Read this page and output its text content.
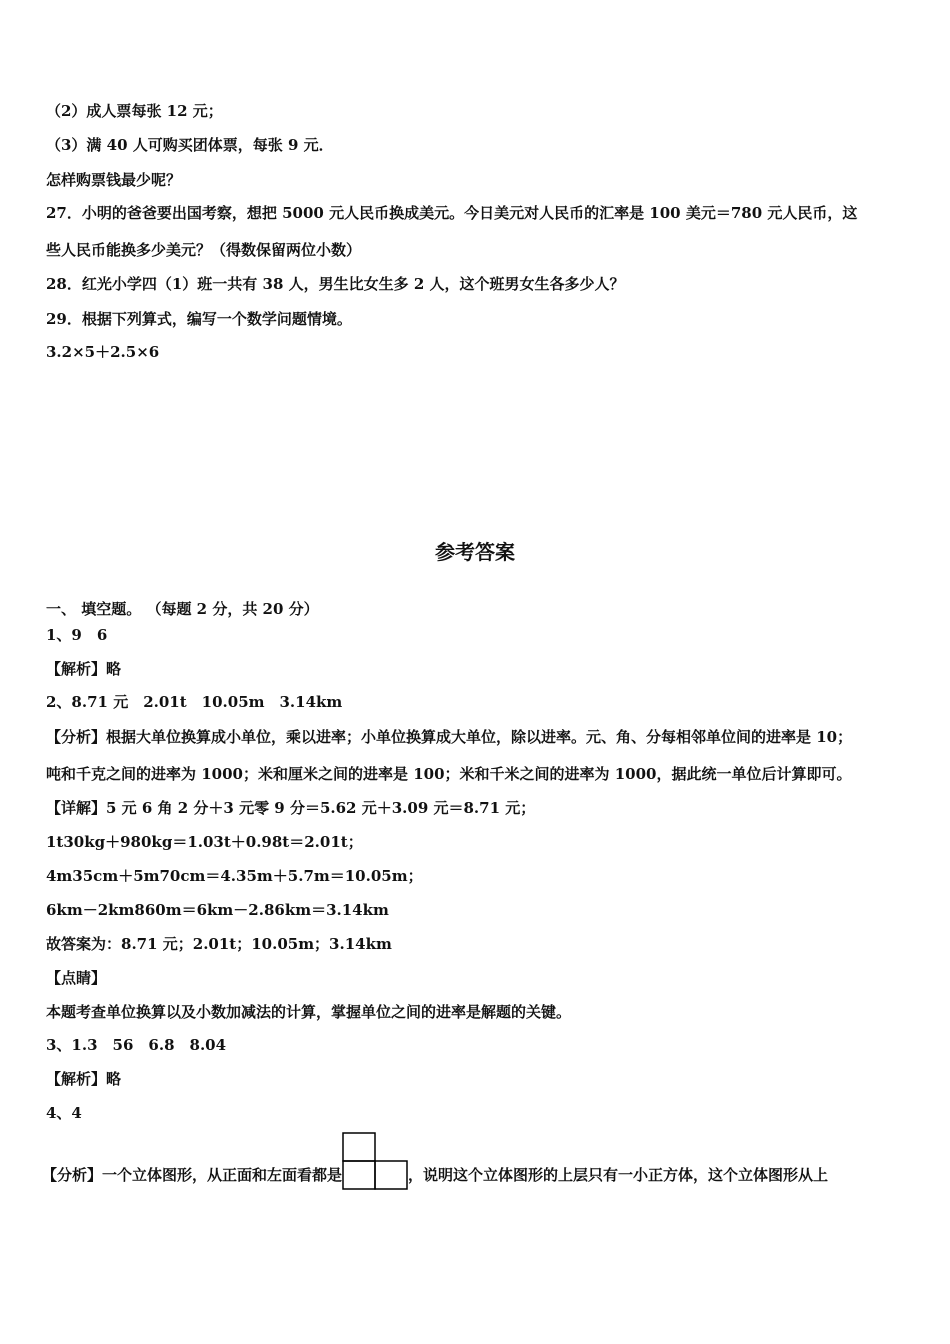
（2）成人票每张 12 元；
（3）满 40 人可购买团体票，每张 9 元．
怎样购票钱最少呢？
27．小明的爸爸要出国考察，想把 5000 元人民币换成美元。今日美元对人民币的汇率是 100 美元＝780 元人民币，这
些人民币能换多少美元？（得数保留两位小数）
28．红光小学四（1）班一共有 38 人，男生比女生多 2 人，这个班男女生各多少人？
29．根据下列算式，编写一个数学问题情境。
3.2×5＋2.5×6
参考答案
一、 填空题。 （每题 2 分，共 20 分）
1、9　6
【解析】略
2、8.71 元　2.01t　10.05m　3.14km
【分析】根据大单位换算成小单位，乘以进率；小单位换算成大单位，除以进率。元、角、分每相邻单位间的进率是 10；
吨和千克之间的进率为 1000；米和厘米之间的进率是 100；米和千米之间的进率为 1000，据此统一单位后计算即可。
【详解】5 元 6 角 2 分＋3 元零 9 分＝5.62 元＋3.09 元＝8.71 元；
1t30kg＋980kg＝1.03t＋0.98t＝2.01t；
4m35cm＋5m70cm＝4.35m＋5.7m＝10.05m；
6km－2km860m＝6km－2.86km＝3.14km
故答案为：8.71 元；2.01t；10.05m；3.14km
【点睛】
本题考查单位换算以及小数加减法的计算，掌握单位之间的进率是解题的关键。
3、1.3　56　6.8　8.04
【解析】略
4、4
【分析】一个立体图形，从正面和左面看都是	，说明这个立体图形的上层只有一小正方体，这个立体图形从上
